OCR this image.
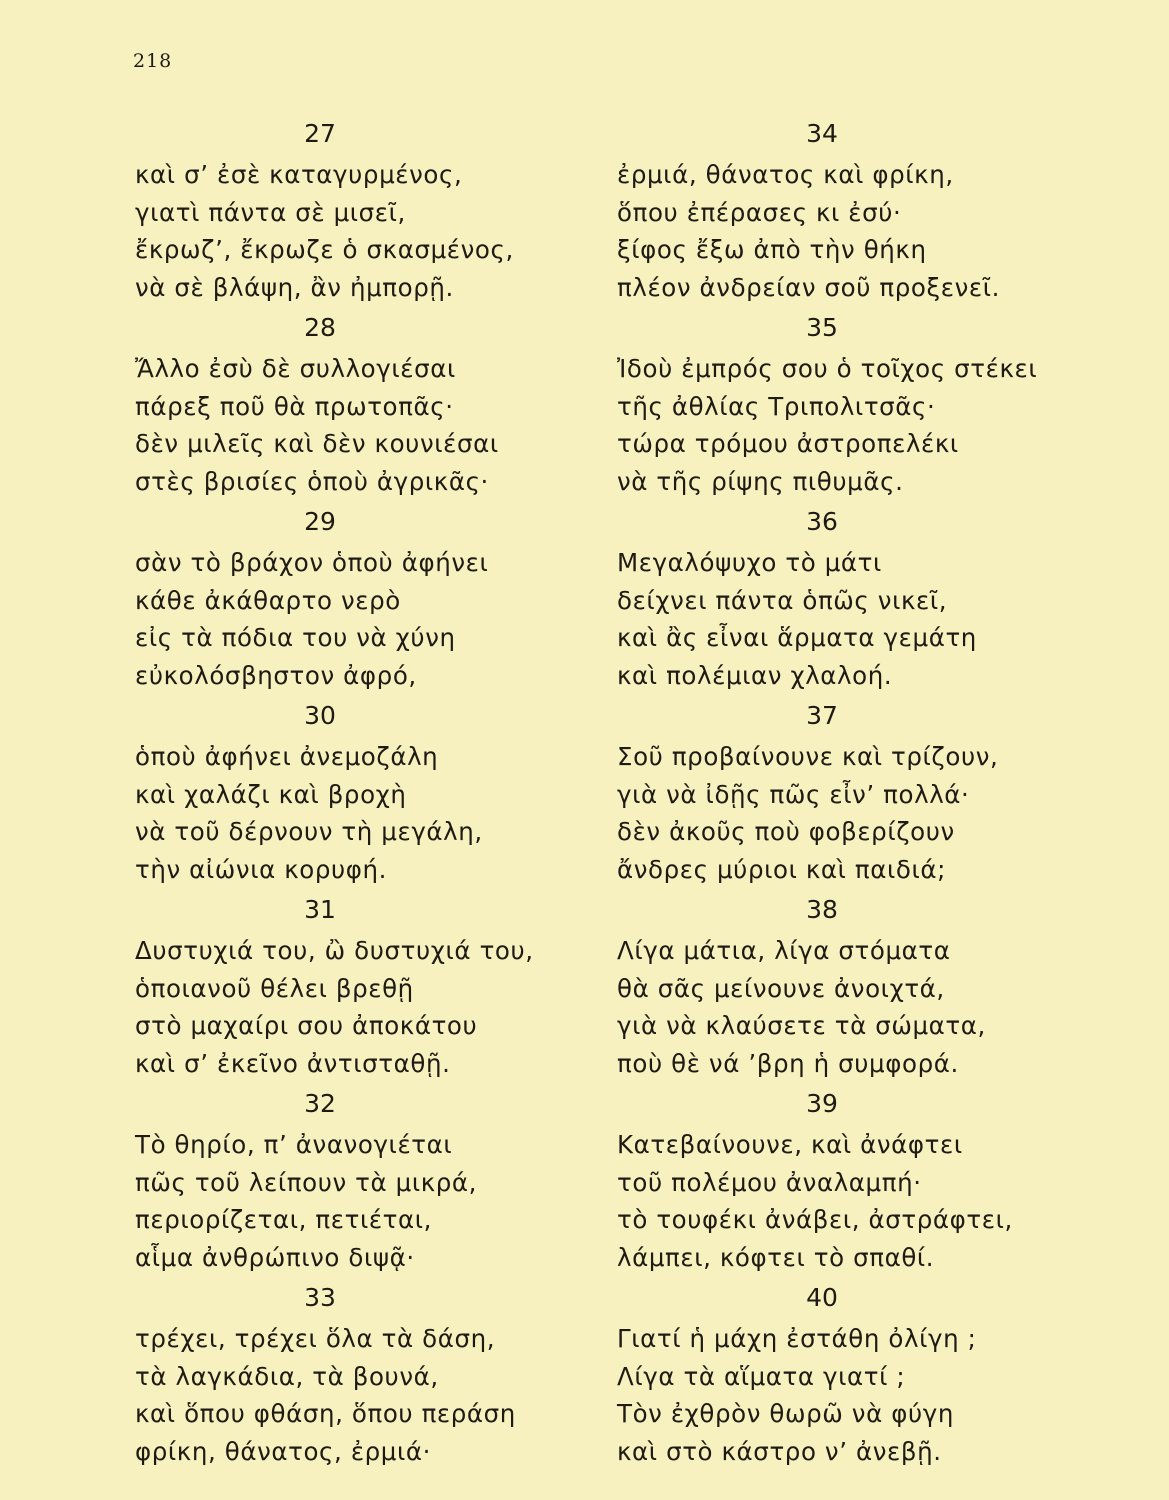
218
27
καὶ σ’ ἐσὲ καταγυρμένος,
γιατὶ πάντα σὲ μισεῖ,
ἔκρωζ’, ἔκρωζε ὁ σκασμένος,
νὰ σὲ βλάψη, ἂν ἠμπορῇ.
28
Ἄλλο ἐσὺ δὲ συλλογιέσαι
πάρεξ ποῦ θὰ πρωτοπᾶς·
δὲν μιλεῖς καὶ δὲν κουνιέσαι
στὲς βρισίες ὁποὺ ἀγρικᾶς·
29
σὰν τὸ βράχον ὁποὺ ἀφήνει
κάθε ἀκάθαρτο νερὸ
εἰς τὰ πόδια του νὰ χύνη
εὐκολόσβηστον ἀφρό,
30
ὁποὺ ἀφήνει ἀνεμοζάλη
καὶ χαλάζι καὶ βροχὴ
νὰ τοῦ δέρνουν τὴ μεγάλη,
τὴν αἰώνια κορυφή.
31
Δυστυχιά του, ὢ δυστυχιά του,
ὁποιανοῦ θέλει βρεθῇ
στὸ μαχαίρι σου ἀποκάτου
καὶ σ’ ἐκεῖνο ἀντισταθῇ.
32
Τὸ θηρίο, π’ ἀνανογιέται
πῶς τοῦ λείπουν τὰ μικρά,
περιορίζεται, πετιέται,
αἷμα ἀνθρώπινο διψᾷ·
33
τρέχει, τρέχει ὅλα τὰ δάση,
τὰ λαγκάδια, τὰ βουνά,
καὶ ὅπου φθάση, ὅπου περάση
φρίκη, θάνατος, ἐρμιά·
34
ἐρμιά, θάνατος καὶ φρίκη,
ὅπου ἐπέρασες κι ἐσύ·
ξίφος ἔξω ἀπὸ τὴν θήκη
πλέον ἀνδρείαν σοῦ προξενεῖ.
35
Ἰδοὺ ἐμπρός σου ὁ τοῖχος στέκει
τῆς ἀθλίας Τριπολιτσᾶς·
τώρα τρόμου ἀστροπελέκι
νὰ τῆς ρίψης πιθυμᾶς.
36
Μεγαλόψυχο τὸ μάτι
δείχνει πάντα ὁπῶς νικεῖ,
καὶ ἂς εἶναι ἅρματα γεμάτη
καὶ πολέμιαν χλαλοή.
37
Σοῦ προβαίνουνε καὶ τρίζουν,
γιὰ νὰ ἰδῇς πῶς εἶν’ πολλά·
δὲν ἀκοῦς ποὺ φοβερίζουν
ἄνδρες μύριοι καὶ παιδιά;
38
Λίγα μάτια, λίγα στόματα
θὰ σᾶς μείνουνε ἀνοιχτά,
γιὰ νὰ κλαύσετε τὰ σώματα,
ποὺ θὲ νά ’βρη ἡ συμφορά.
39
Κατεβαίνουνε, καὶ ἀνάφτει
τοῦ πολέμου ἀναλαμπή·
τὸ τουφέκι ἀνάβει, ἀστράφτει,
λάμπει, κόφτει τὸ σπαθί.
40
Γιατί ἡ μάχη ἐστάθη ὀλίγη ;
Λίγα τὰ αἵματα γιατί ;
Τὸν ἐχθρὸν θωρῶ νὰ φύγη
καὶ στὸ κάστρο ν’ ἀνεβῇ.
